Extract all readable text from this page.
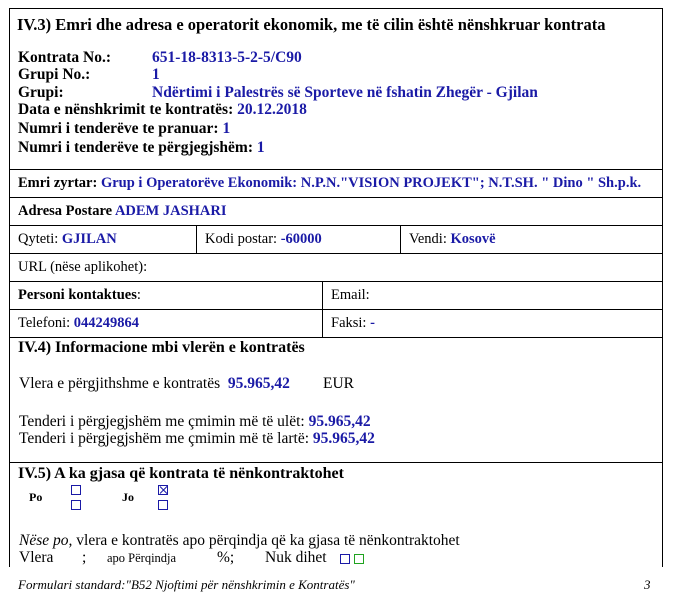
IV.3) Emri dhe adresa e operatorit ekonomik, me të cilin është nënshkruar kontrata
Kontrata No.:	651-18-8313-5-2-5/C90
Grupi No.:	1
Grupi:	Ndërtimi i Palestrës së Sporteve në fshatin Zhegër - Gjilan
Data e nënshkrimit te kontratës: 20.12.2018
Numri i tenderëve te pranuar: 1
Numri i tenderëve te përgjegjshëm: 1
Emri zyrtar: Grup i Operatorëve Ekonomik: N.P.N."VISION PROJEKT"; N.T.SH. " Dino " Sh.p.k.
Adresa Postare ADEM JASHARI
Qyteti: GJILAN	Kodi postar: -60000	Vendi: Kosovë
URL (nëse aplikohet):
Personi kontaktues:	Email:
Telefoni: 044249864	Faksi: -
IV.4) Informacione mbi vlerën e kontratës
Vlera e përgjithshme e kontratës 95.965,42 EUR
Tenderi i përgjegjshëm me çmimin më të ulët: 95.965,42
Tenderi i përgjegjshëm me çmimin më të lartë: 95.965,42
IV.5) A ka gjasa që kontrata të nënkontraktohet
Po	Jo
Nëse po, vlera e kontratës apo përqindja që ka gjasa të nënkontraktohet
Vlera ; apo Përqindja	%; Nuk dihet
Formulari standard:"B52 Njoftimi për nënshkrimin e Kontratës"	3
